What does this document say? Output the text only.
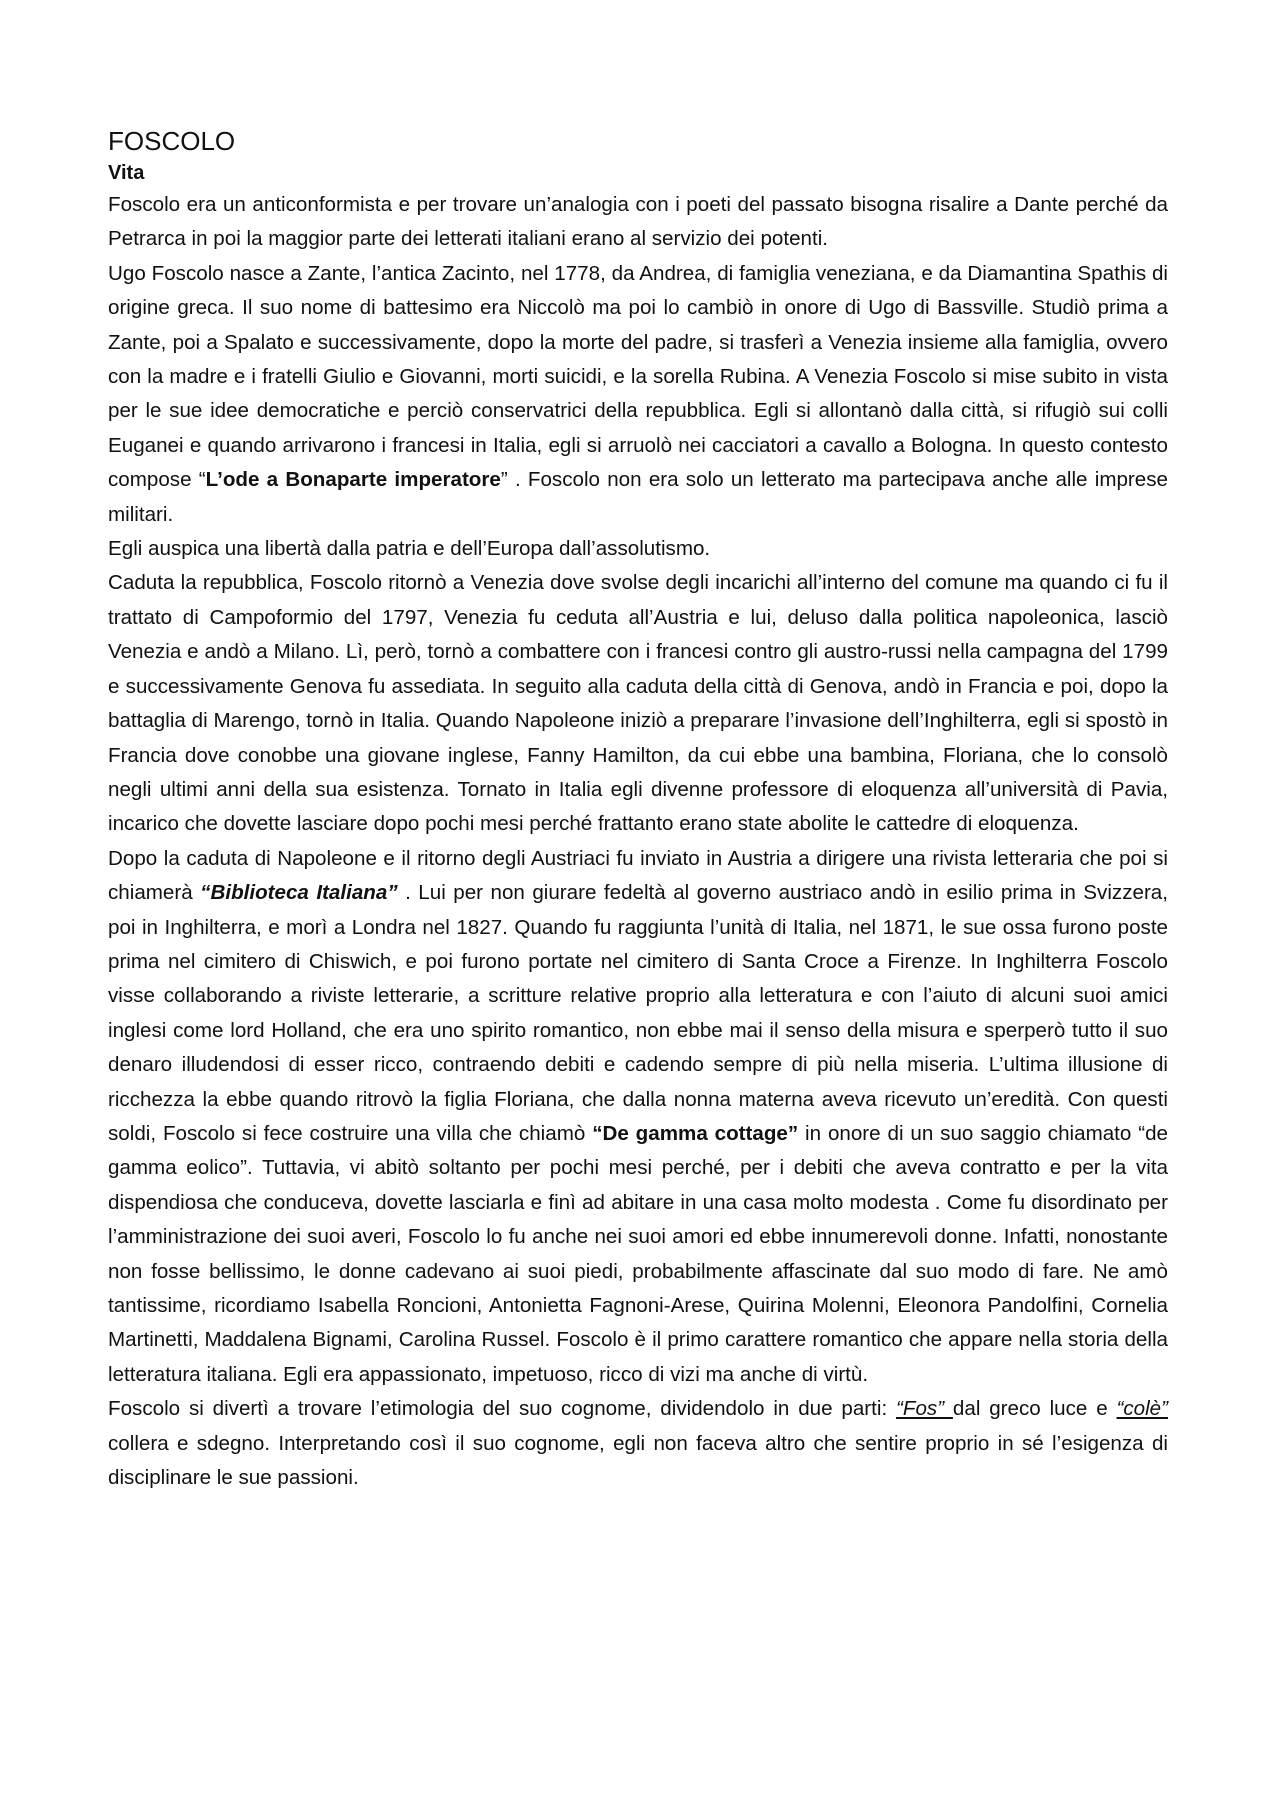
FOSCOLO
Vita

Foscolo era un anticonformista e per trovare un’analogia con i poeti del passato bisogna risalire a Dante perché da Petrarca in poi la maggior parte dei letterati italiani erano al servizio dei potenti.

Ugo Foscolo nasce a Zante, l’antica Zacinto, nel 1778, da Andrea, di famiglia veneziana, e da Diamantina Spathis di origine greca. Il suo nome di battesimo era Niccolò ma poi lo cambiò in onore di Ugo di Bassville. Studiò prima a Zante, poi a Spalato e successivamente, dopo la morte del padre, si trasferì a Venezia insieme alla famiglia, ovvero con la madre e i fratelli Giulio e Giovanni, morti suicidi, e la sorella Rubina. A Venezia Foscolo si mise subito in vista per le sue idee democratiche e perciò conservatrici della repubblica. Egli si allontanò dalla città, si rifugiò sui colli Euganei e quando arrivarono i francesi in Italia, egli si arruolò nei cacciatori a cavallo a Bologna. In questo contesto compose “L’ode a Bonaparte imperatore” . Foscolo non era solo un letterato ma partecipava anche alle imprese militari.

Egli auspica una libertà dalla patria e dell’Europa dall’assolutismo.

Caduta la repubblica, Foscolo ritornò a Venezia dove svolse degli incarichi all’interno del comune ma quando ci fu il trattato di Campoformio del 1797, Venezia fu ceduta all’Austria e lui, deluso dalla politica napoleonica, lasciò Venezia e andò a Milano. Lì, però, tornò a combattere con i francesi contro gli austro-russi nella campagna del 1799 e successivamente Genova fu assediata. In seguito alla caduta della città di Genova, andò in Francia e poi, dopo la battaglia di Marengo, tornò in Italia. Quando Napoleone iniziò a preparare l’invasione dell’Inghilterra, egli si spostò in Francia dove conobbe una giovane inglese, Fanny Hamilton, da cui ebbe una bambina, Floriana, che lo consolò negli ultimi anni della sua esistenza. Tornato in Italia egli divenne professore di eloquenza all’università di Pavia, incarico che dovette lasciare dopo pochi mesi perché frattanto erano state abolite le cattedre di eloquenza.

Dopo la caduta di Napoleone e il ritorno degli Austriaci fu inviato in Austria a dirigere una rivista letteraria che poi si chiamerà “Biblioteca Italiana” . Lui per non giurare fedeltà al governo austriaco andò in esilio prima in Svizzera, poi in Inghilterra, e morì a Londra nel 1827. Quando fu raggiunta l’unità di Italia, nel 1871, le sue ossa furono poste prima nel cimitero di Chiswich, e poi furono portate nel cimitero di Santa Croce a Firenze. In Inghilterra Foscolo visse collaborando a riviste letterarie, a scritture relative proprio alla letteratura e con l’aiuto di alcuni suoi amici inglesi come lord Holland, che era uno spirito romantico, non ebbe mai il senso della misura e sperperò tutto il suo denaro illudendosi di esser ricco, contraendo debiti e cadendo sempre di più nella miseria. L’ultima illusione di ricchezza la ebbe quando ritrovò la figlia Floriana, che dalla nonna materna aveva ricevuto un’eredità. Con questi soldi, Foscolo si fece costruire una villa che chiamò “De gamma cottage” in onore di un suo saggio chiamato “de gamma eolico”. Tuttavia, vi abitò soltanto per pochi mesi perché, per i debiti che aveva contratto e per la vita dispendiosa che conduceva, dovette lasciarla e finì ad abitare in una casa molto modesta . Come fu disordinato per l’amministrazione dei suoi averi, Foscolo lo fu anche nei suoi amori ed ebbe innumerevoli donne. Infatti, nonostante non fosse bellissimo, le donne cadevano ai suoi piedi, probabilmente affascinate dal suo modo di fare. Ne amò tantissime, ricordiamo Isabella Roncioni, Antonietta Fagnoni-Arese, Quirina Molenni, Eleonora Pandolfini, Cornelia Martinetti, Maddalena Bignami, Carolina Russel. Foscolo è il primo carattere romantico che appare nella storia della letteratura italiana. Egli era appassionato, impetuoso, ricco di vizi ma anche di virtù.

Foscolo si divertì a trovare l’etimologia del suo cognome, dividendolo in due parti: “Fos” dal greco luce e “colè” collera e sdegno. Interpretando così il suo cognome, egli non faceva altro che sentire proprio in sé l’esigenza di disciplinare le sue passioni.
